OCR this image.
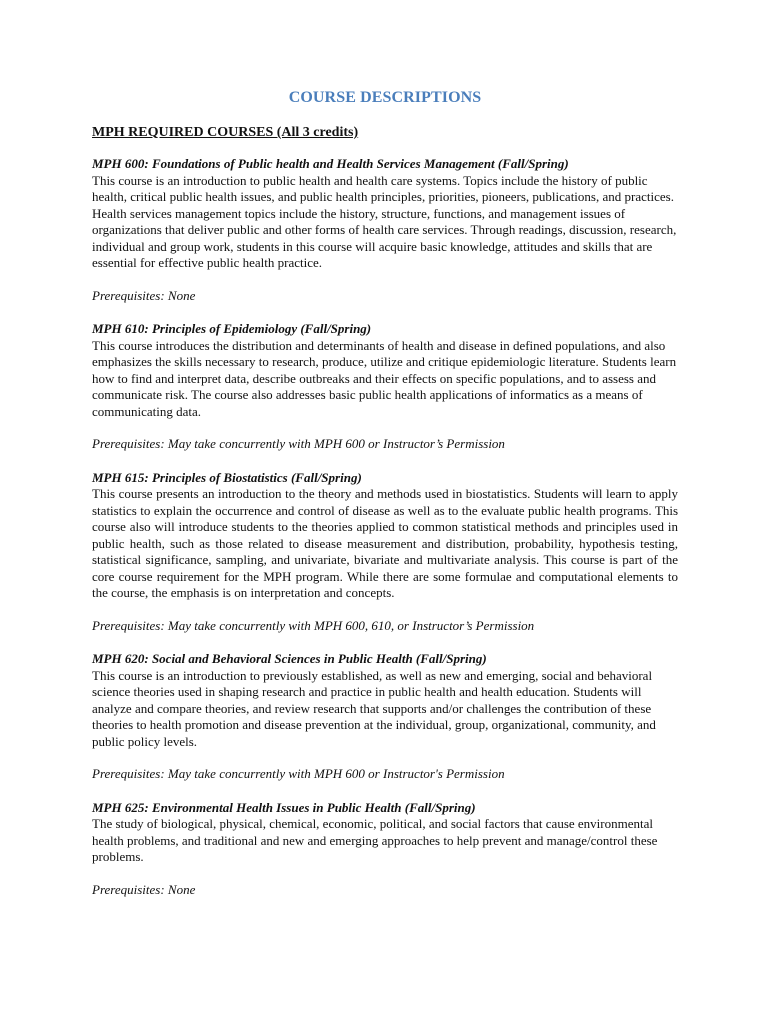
COURSE DESCRIPTIONS
MPH REQUIRED COURSES (All 3 credits)

MPH 600: Foundations of Public health and Health Services Management (Fall/Spring)

This course is an introduction to public health and health care systems. Topics include the history of public health, critical public health issues, and public health principles, priorities, pioneers, publications, and practices. Health services management topics include the history, structure, functions, and management issues of organizations that deliver public and other forms of health care services. Through readings, discussion, research, individual and group work, students in this course will acquire basic knowledge, attitudes and skills that are essential for effective public health practice.

Prerequisites: None

MPH 610: Principles of Epidemiology (Fall/Spring)

This course introduces the distribution and determinants of health and disease in defined populations, and also emphasizes the skills necessary to research, produce, utilize and critique epidemiologic literature. Students learn how to find and interpret data, describe outbreaks and their effects on specific populations, and to assess and communicate risk. The course also addresses basic public health applications of informatics as a means of communicating data.

Prerequisites: May take concurrently with MPH 600 or Instructor’s Permission

MPH 615: Principles of Biostatistics (Fall/Spring)

This course presents an introduction to the theory and methods used in biostatistics. Students will learn to apply statistics to explain the occurrence and control of disease as well as to the evaluate public health programs. This course also will introduce students to the theories applied to common statistical methods and principles used in public health, such as those related to disease measurement and distribution, probability, hypothesis testing, statistical significance, sampling, and univariate, bivariate and multivariate analysis. This course is part of the core course requirement for the MPH program. While there are some formulae and computational elements to the course, the emphasis is on interpretation and concepts.

Prerequisites: May take concurrently with MPH 600, 610, or Instructor’s Permission

MPH 620: Social and Behavioral Sciences in Public Health (Fall/Spring)

This course is an introduction to previously established, as well as new and emerging, social and behavioral science theories used in shaping research and practice in public health and health education. Students will analyze and compare theories, and review research that supports and/or challenges the contribution of these theories to health promotion and disease prevention at the individual, group, organizational, community, and public policy levels.

Prerequisites: May take concurrently with MPH 600 or Instructor's Permission

MPH 625: Environmental Health Issues in Public Health (Fall/Spring)

The study of biological, physical, chemical, economic, political, and social factors that cause environmental health problems, and traditional and new and emerging approaches to help prevent and manage/control these problems.

Prerequisites: None
